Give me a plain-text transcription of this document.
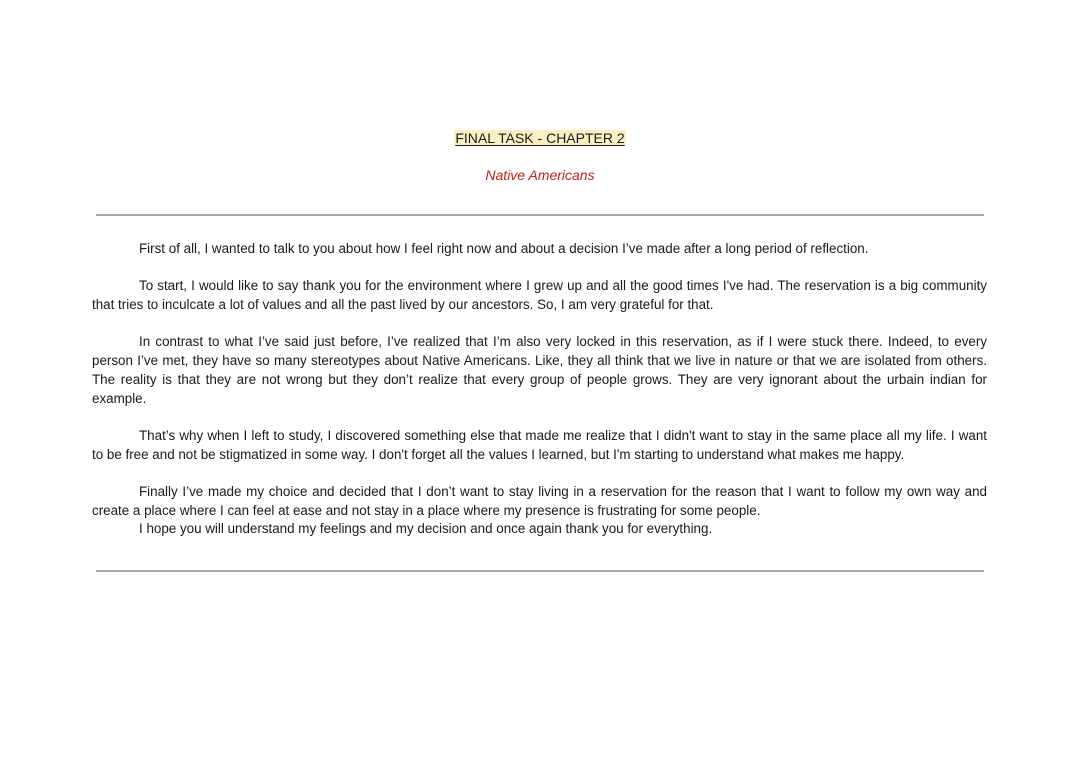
FINAL TASK - CHAPTER 2
Native Americans

First of all, I wanted to talk to you about how I feel right now and about a decision I’ve made after a long period of reflection.

To start, I would like to say thank you for the environment where I grew up and all the good times I've had. The reservation is a big community that tries to inculcate a lot of values and all the past lived by our ancestors. So, I am very grateful for that.

In contrast to what I’ve said just before, I’ve realized that I’m also very locked in this reservation, as if I were stuck there. Indeed, to every person I’ve met, they have so many stereotypes about Native Americans. Like, they all think that we live in nature or that we are isolated from others. The reality is that they are not wrong but they don’t realize that every group of people grows. They are very ignorant about the urbain indian for example.

That’s why when I left to study, I discovered something else that made me realize that I didn't want to stay in the same place all my life. I want to be free and not be stigmatized in some way. I don't forget all the values I learned, but I'm starting to understand what makes me happy.

Finally I’ve made my choice and decided that I don’t want to stay living in a reservation for the reason that I want to follow my own way and create a place where I can feel at ease and not stay in a place where my presence is frustrating for some people.

I hope you will understand my feelings and my decision and once again thank you for everything.
